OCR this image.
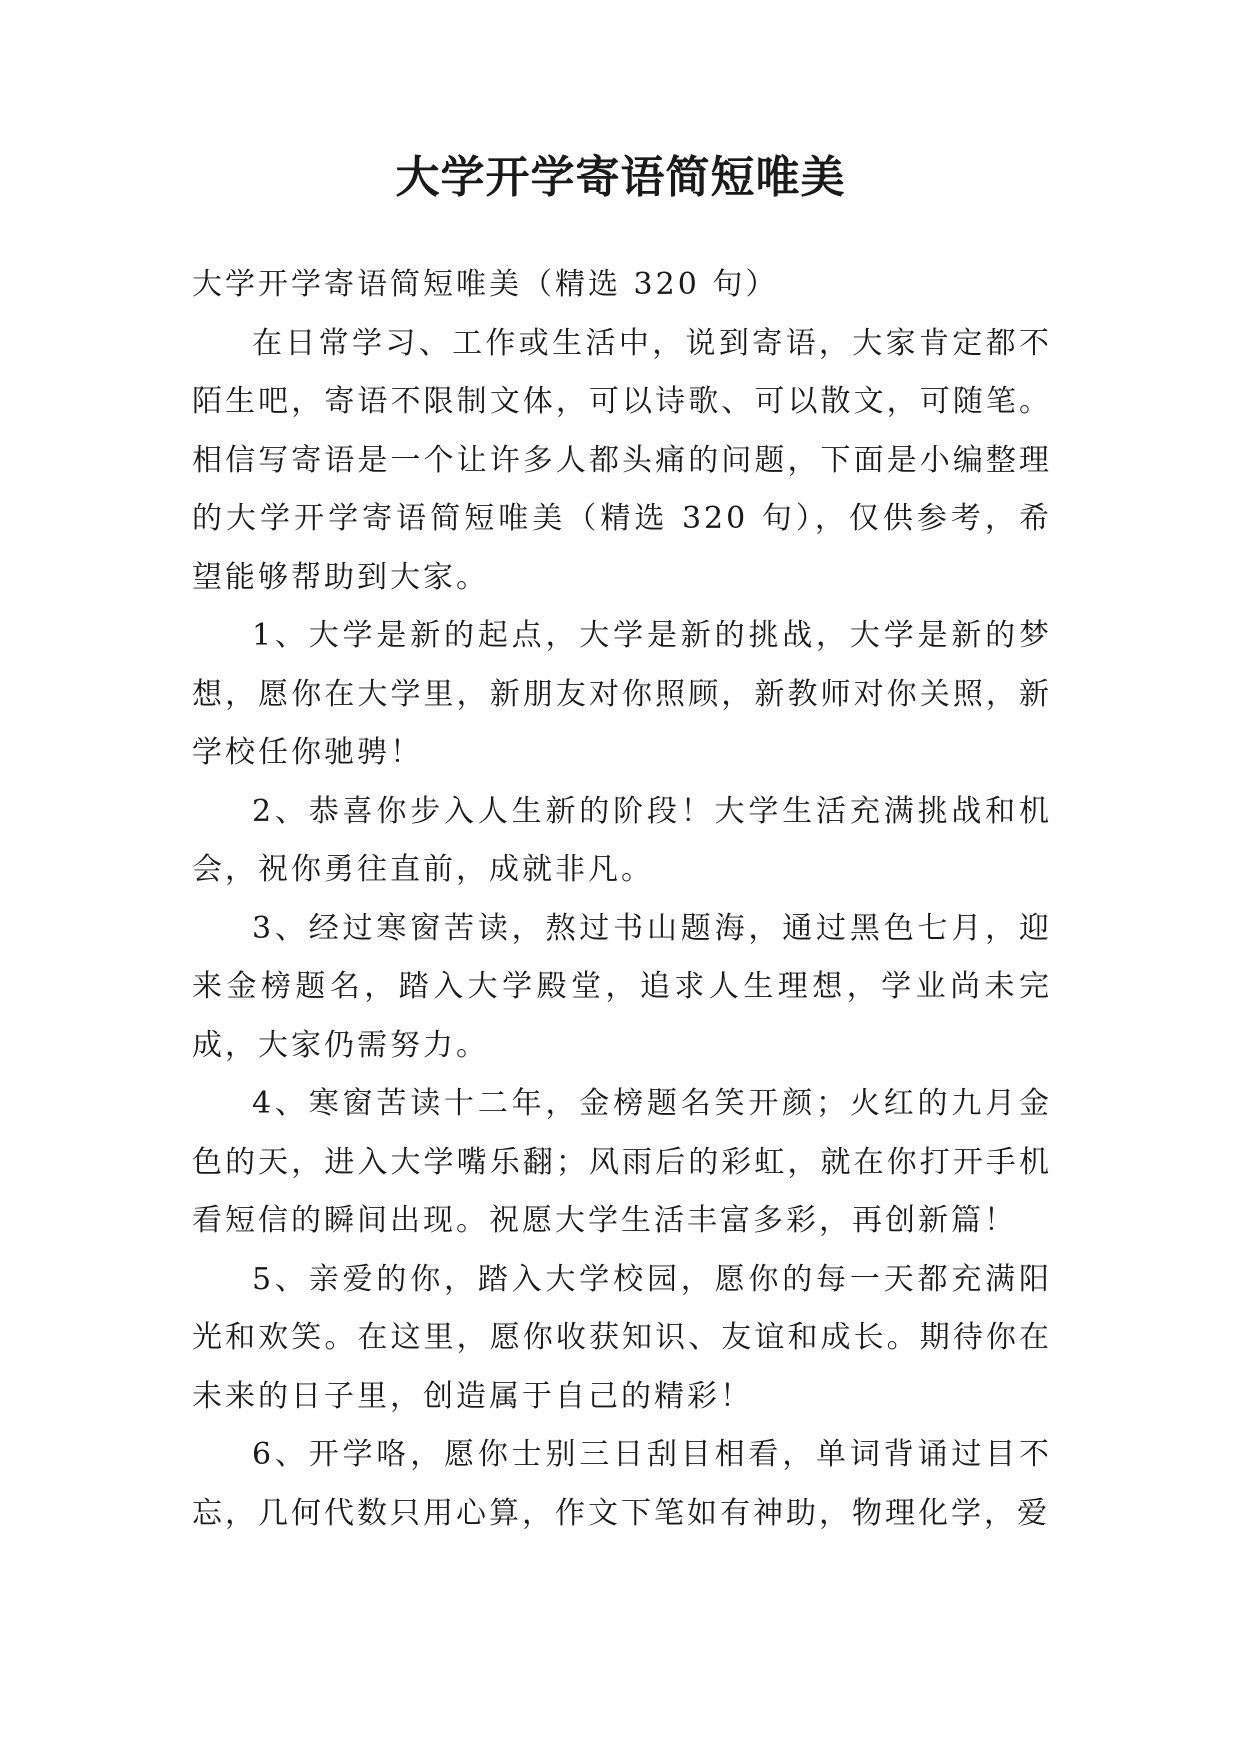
大学开学寄语简短唯美

大学开学寄语简短唯美（精选 320 句）

在日常学习、工作或生活中，说到寄语，大家肯定都不陌生吧，寄语不限制文体，可以诗歌、可以散文，可随笔。相信写寄语是一个让许多人都头痛的问题，下面是小编整理的大学开学寄语简短唯美（精选 320 句），仅供参考，希望能够帮助到大家。

1、大学是新的起点，大学是新的挑战，大学是新的梦想，愿你在大学里，新朋友对你照顾，新教师对你关照，新学校任你驰骋！

2、恭喜你步入人生新的阶段！大学生活充满挑战和机会，祝你勇往直前，成就非凡。

3、经过寒窗苦读，熬过书山题海，通过黑色七月，迎来金榜题名，踏入大学殿堂，追求人生理想，学业尚未完成，大家仍需努力。

4、寒窗苦读十二年，金榜题名笑开颜；火红的九月金色的天，进入大学嘴乐翻；风雨后的彩虹，就在你打开手机看短信的瞬间出现。祝愿大学生活丰富多彩，再创新篇！

5、亲爱的你，踏入大学校园，愿你的每一天都充满阳光和欢笑。在这里，愿你收获知识、友谊和成长。期待你在未来的日子里，创造属于自己的精彩！

6、开学咯，愿你士别三日刮目相看，单词背诵过目不忘，几何代数只用心算，作文下笔如有神助，物理化学，爱
